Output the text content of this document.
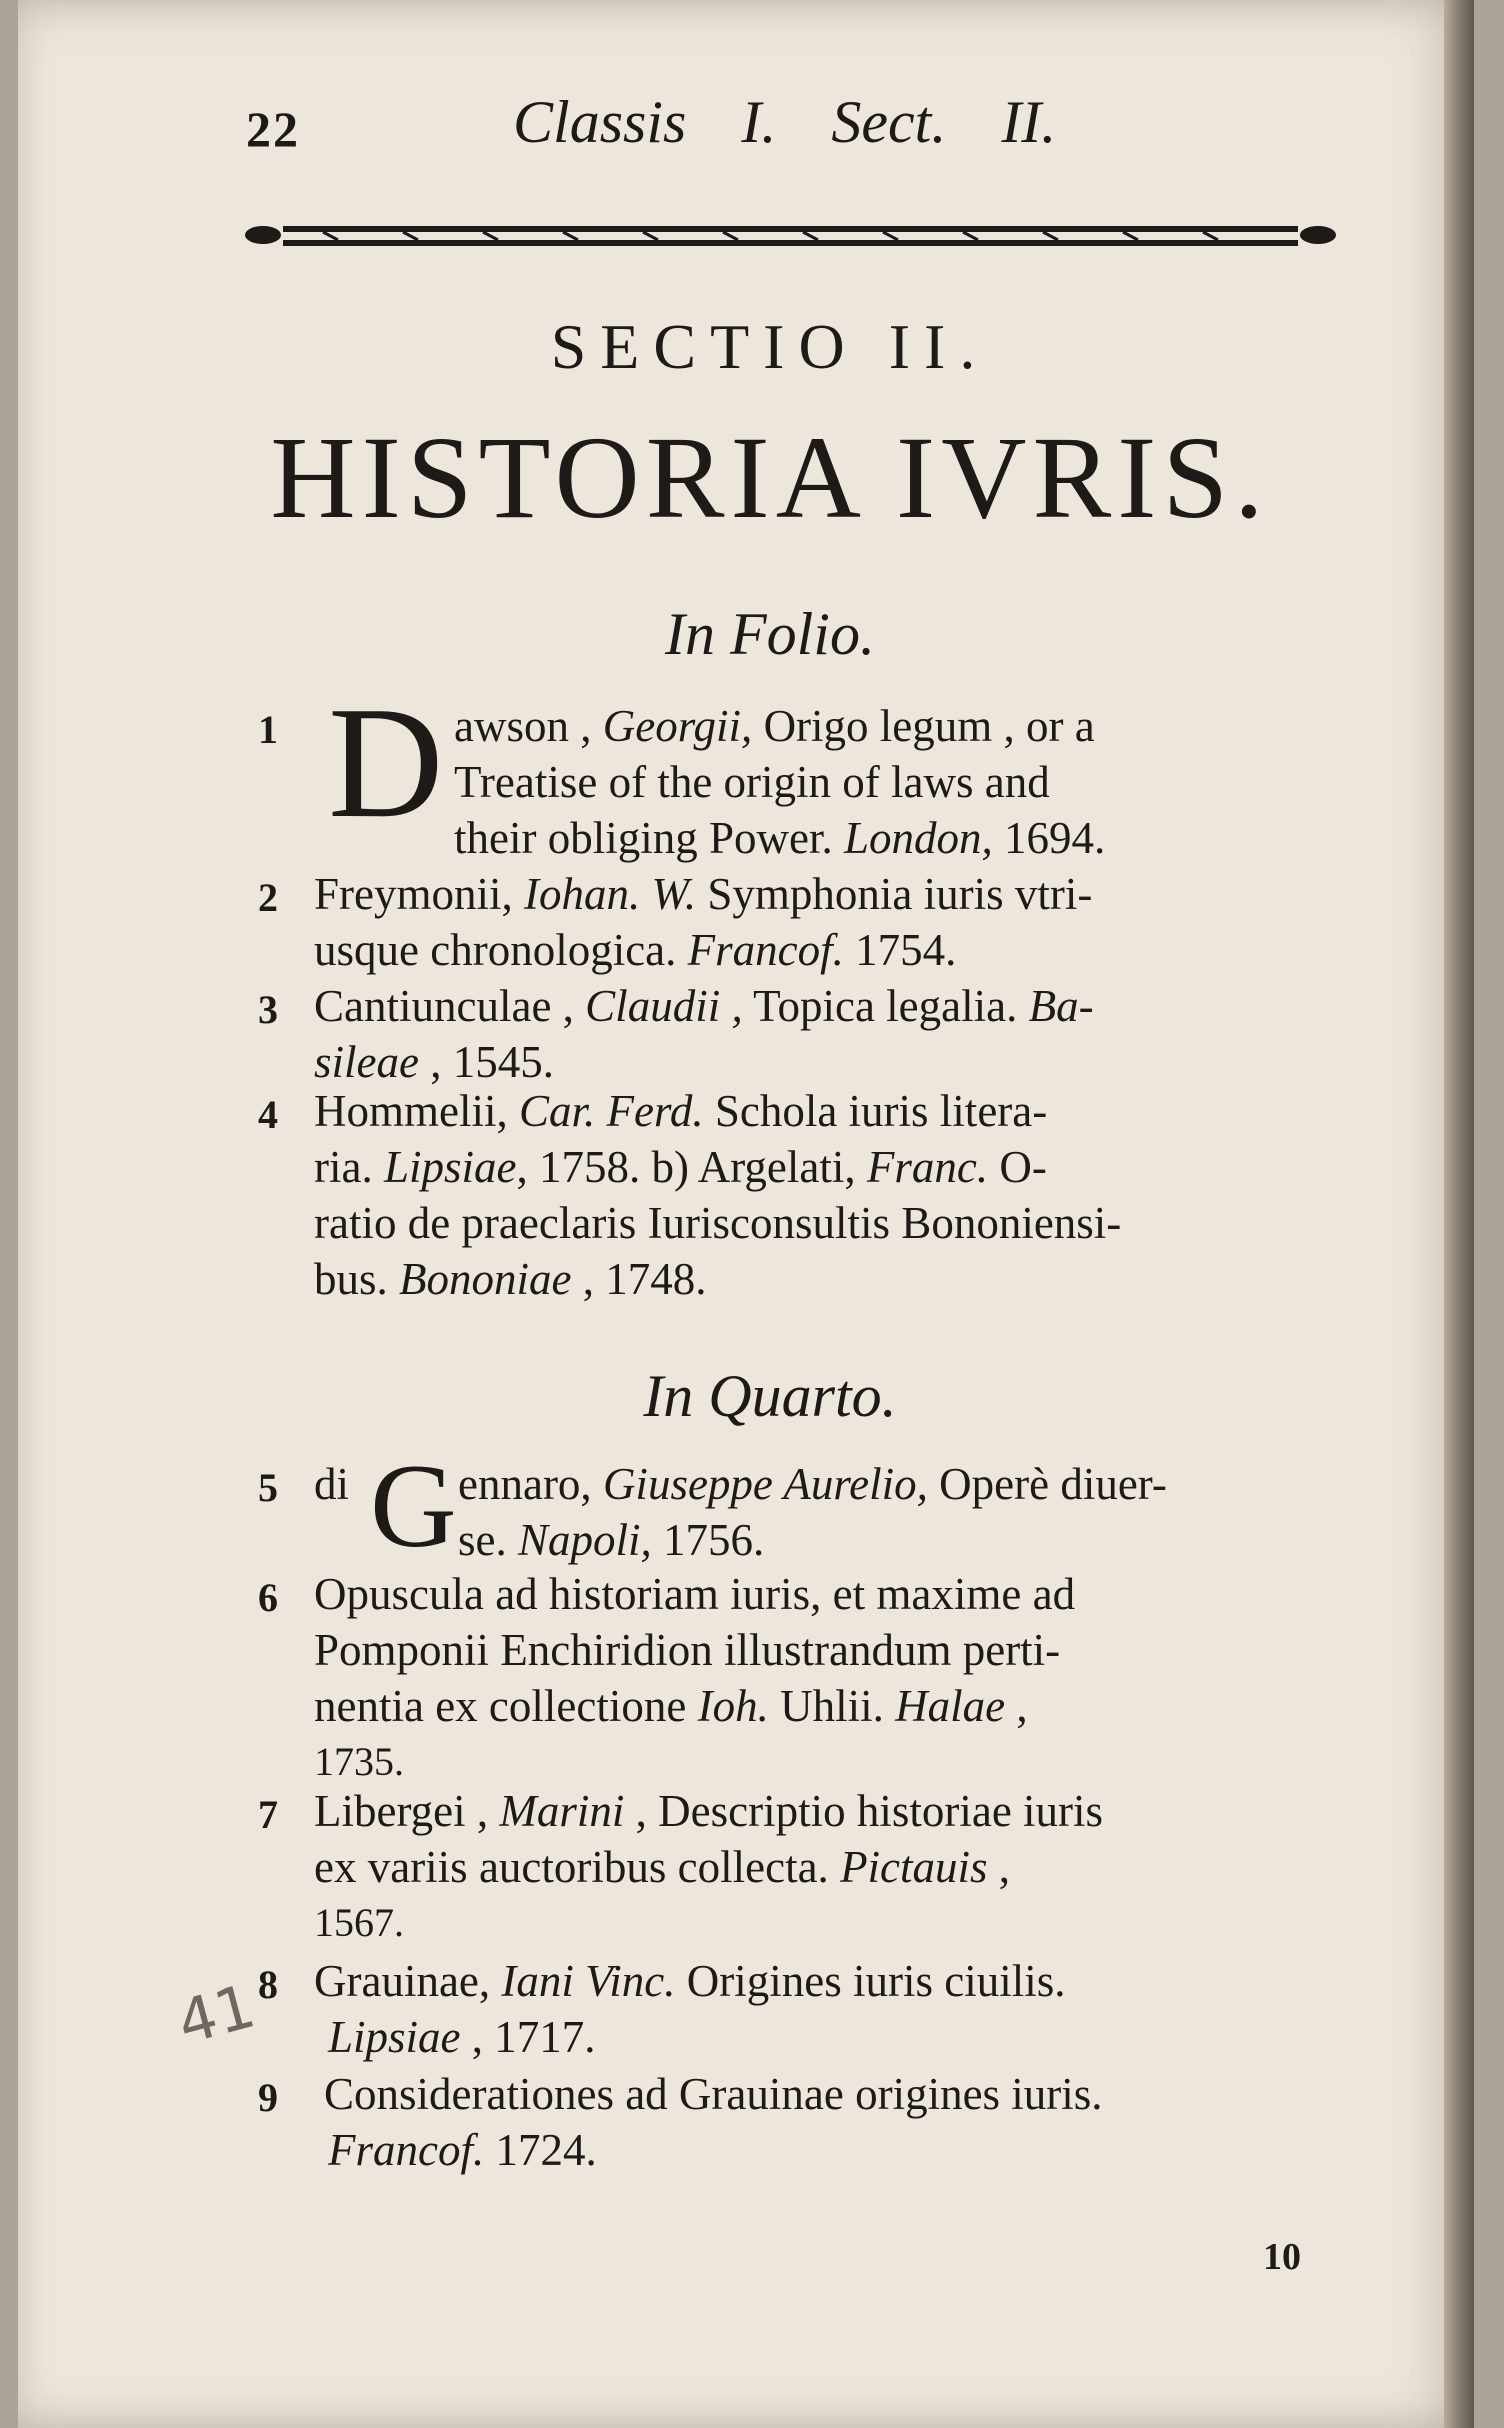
22	Classis I. Sect. II.
SECTIO II.
HISTORIA IVRIS.
In Folio.
1 D awson , Georgii, Origo legum , or a
Treatise of the origin of laws and
their obliging Power. London, 1694.
2 Freymonii, Iohan. W. Symphonia iuris vtri-
usque chronologica. Francof. 1754.
3 Cantiunculae , Claudii , Topica legalia. Ba-
sileae , 1545.
4 Hommelii, Car. Ferd. Schola iuris litera-
ria. Lipsiae, 1758. b) Argelati, Franc. O-
ratio de praeclaris Iurisconsultis Bononiensi-
bus. Bononiae , 1748.
In Quarto.
5 di G ennaro, Giuseppe Aurelio, Operè diuer-
se. Napoli, 1756.
6 Opuscula ad historiam iuris, et maxime ad
Pomponii Enchiridion illustrandum perti-
nentia ex collectione Ioh. Uhlii. Halae ,
1735.
7 Libergei , Marini , Descriptio historiae iuris
ex variis auctoribus collecta. Pictauis ,
1567.
8 Grauinae, Iani Vinc. Origines iuris ciuilis.
Lipsiae , 1717.
9 Considerationes ad Grauinae origines iuris.
Francof. 1724.
10
41
